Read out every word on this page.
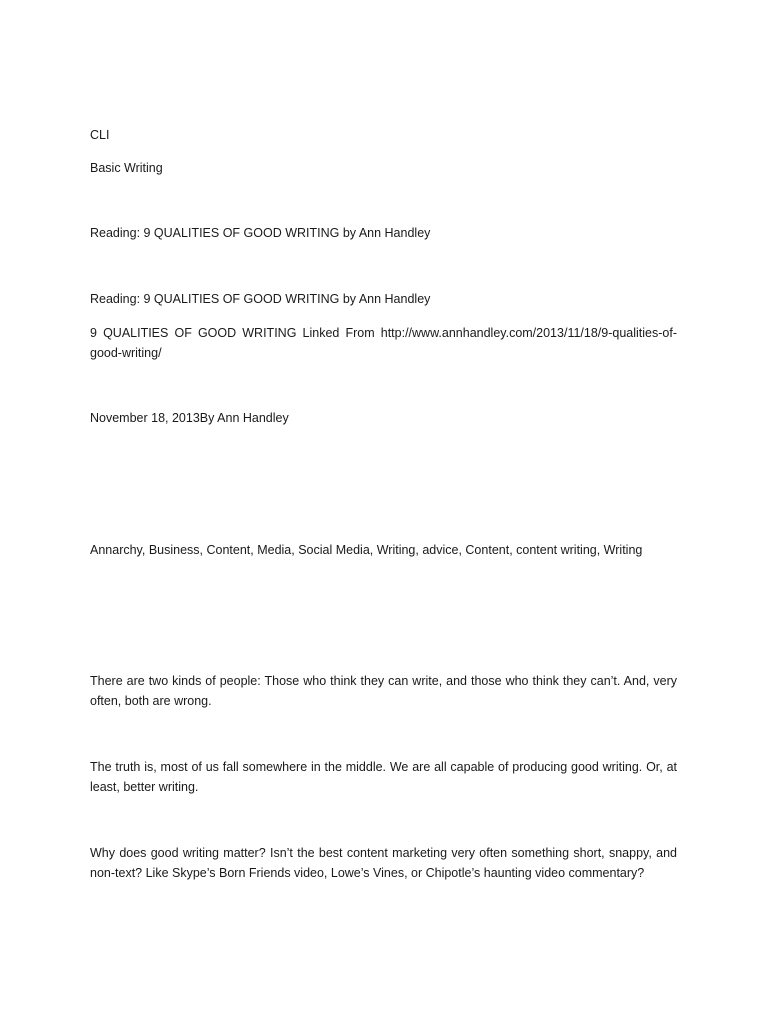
CLI

Basic Writing

Reading: 9 QUALITIES OF GOOD WRITING by Ann Handley

Reading: 9 QUALITIES OF GOOD WRITING by Ann Handley

9 QUALITIES OF GOOD WRITING Linked From http://www.annhandley.com/2013/11/18/9-qualities-of-good-writing/

November 18, 2013By Ann Handley

Annarchy, Business, Content, Media, Social Media, Writing, advice, Content, content writing, Writing

There are two kinds of people: Those who think they can write, and those who think they can’t. And, very often, both are wrong.

The truth is, most of us fall somewhere in the middle. We are all capable of producing good writing. Or, at least, better writing.

Why does good writing matter? Isn’t the best content marketing very often something short, snappy, and non-text? Like Skype’s Born Friends video, Lowe’s Vines, or Chipotle’s haunting video commentary?
